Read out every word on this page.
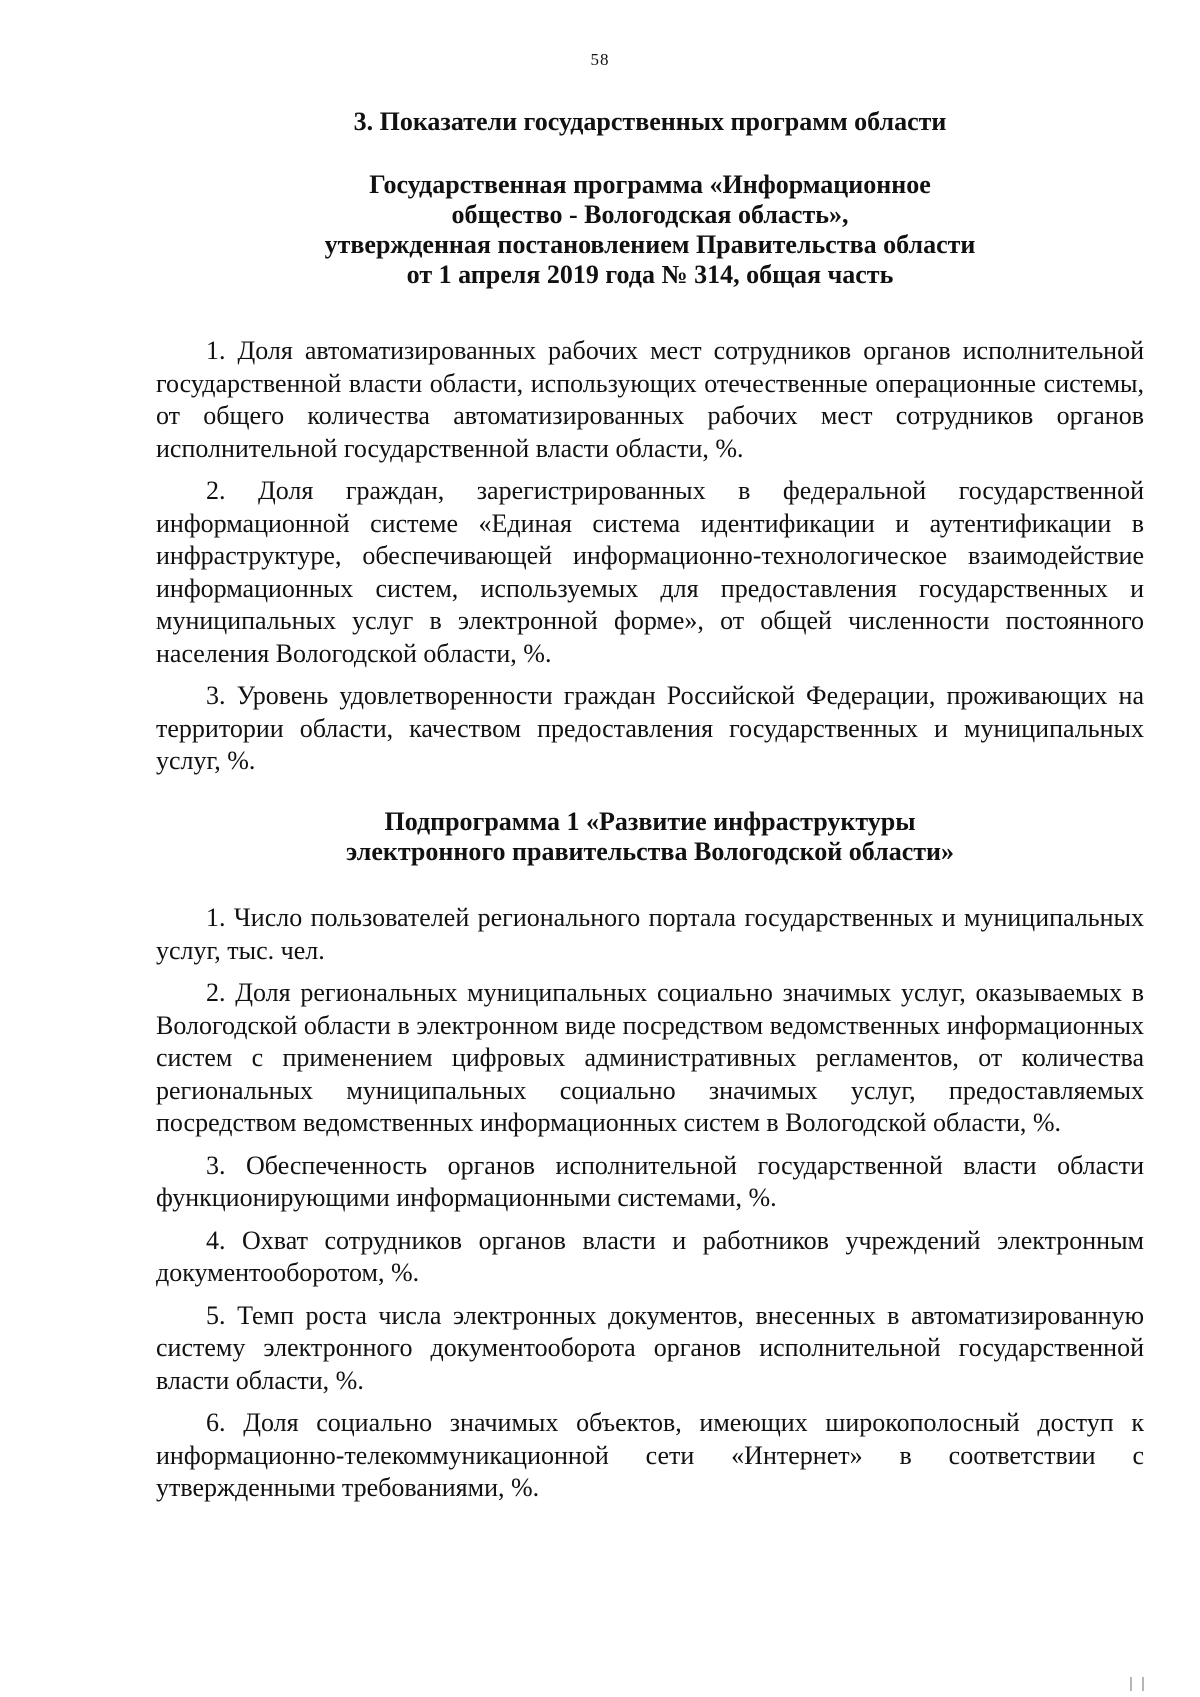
58
3. Показатели государственных программ области
Государственная программа «Информационное
общество - Вологодская область»,
утвержденная постановлением Правительства области
от 1 апреля 2019 года № 314, общая часть
1. Доля автоматизированных рабочих мест сотрудников органов исполнительной государственной власти области, использующих отечественные операционные системы, от общего количества автоматизированных рабочих мест сотрудников органов исполнительной государственной власти области, %.
2. Доля граждан, зарегистрированных в федеральной государственной информационной системе «Единая система идентификации и аутентификации в инфраструктуре, обеспечивающей информационно-технологическое взаимодействие информационных систем, используемых для предоставления государственных и муниципальных услуг в электронной форме», от общей численности постоянного населения Вологодской области, %.
3. Уровень удовлетворенности граждан Российской Федерации, проживающих на территории области, качеством предоставления государственных и муниципальных услуг, %.
Подпрограмма 1 «Развитие инфраструктуры
электронного правительства Вологодской области»
1. Число пользователей регионального портала государственных и муниципальных услуг, тыс. чел.
2. Доля региональных муниципальных социально значимых услуг, оказываемых в Вологодской области в электронном виде посредством ведомственных информационных систем с применением цифровых административных регламентов, от количества региональных муниципальных социально значимых услуг, предоставляемых посредством ведомственных информационных систем в Вологодской области, %.
3. Обеспеченность органов исполнительной государственной власти области функционирующими информационными системами, %.
4. Охват сотрудников органов власти и работников учреждений электронным документооборотом, %.
5. Темп роста числа электронных документов, внесенных в автоматизированную систему электронного документооборота органов исполнительной государственной власти области, %.
6. Доля социально значимых объектов, имеющих широкополосный доступ к информационно-телекоммуникационной сети «Интернет» в соответствии с утвержденными требованиями, %.
